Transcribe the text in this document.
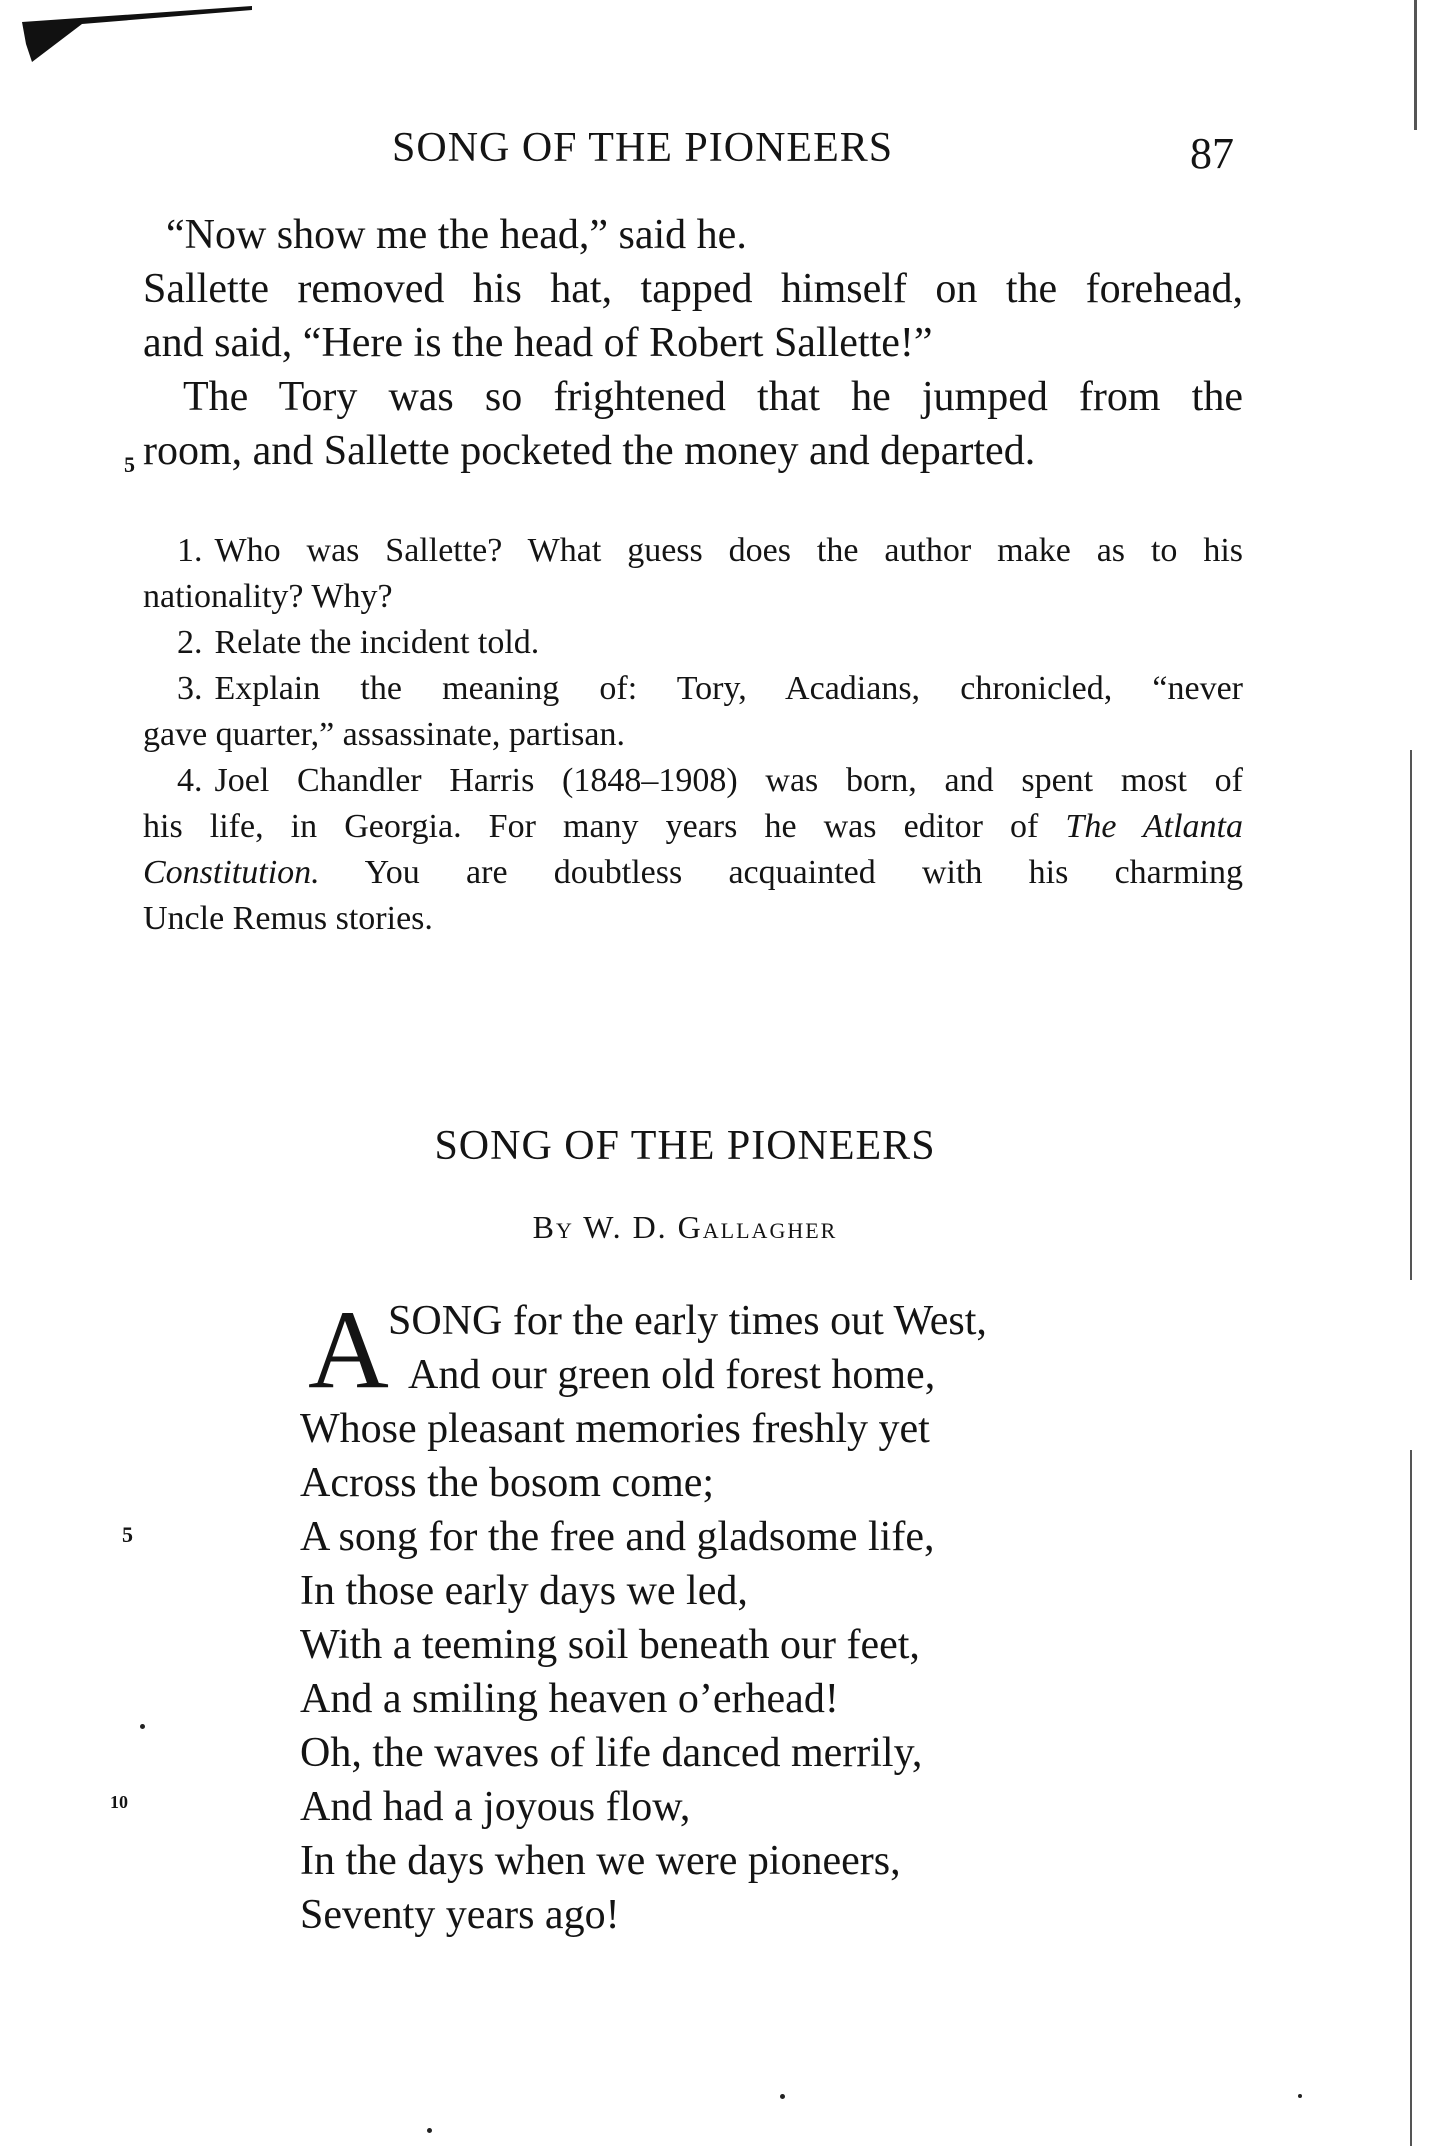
SONG OF THE PIONEERS	87
“Now show me the head,” said he.
Sallette removed his hat, tapped himself on the forehead,
and said, “Here is the head of Robert Sallette!”
The Tory was so frightened that he jumped from the
5 room, and Sallette pocketed the money and departed.
1. Who was Sallette? What guess does the author make as to his
nationality? Why?
2. Relate the incident told.
3. Explain the meaning of: Tory, Acadians, chronicled, “never
gave quarter,” assassinate, partisan.
4. Joel Chandler Harris (1848–1908) was born, and spent most of
his life, in Georgia. For many years he was editor of The Atlanta
Constitution. You are doubtless acquainted with his charming
Uncle Remus stories.
SONG OF THE PIONEERS
By W. D. Gallagher
A SONG for the early times out West,
And our green old forest home,
Whose pleasant memories freshly yet
Across the bosom come;
5	A song for the free and gladsome life,
In those early days we led,
With a teeming soil beneath our feet,
And a smiling heaven o’erhead!
Oh, the waves of life danced merrily,
10	And had a joyous flow,
In the days when we were pioneers,
Seventy years ago!
